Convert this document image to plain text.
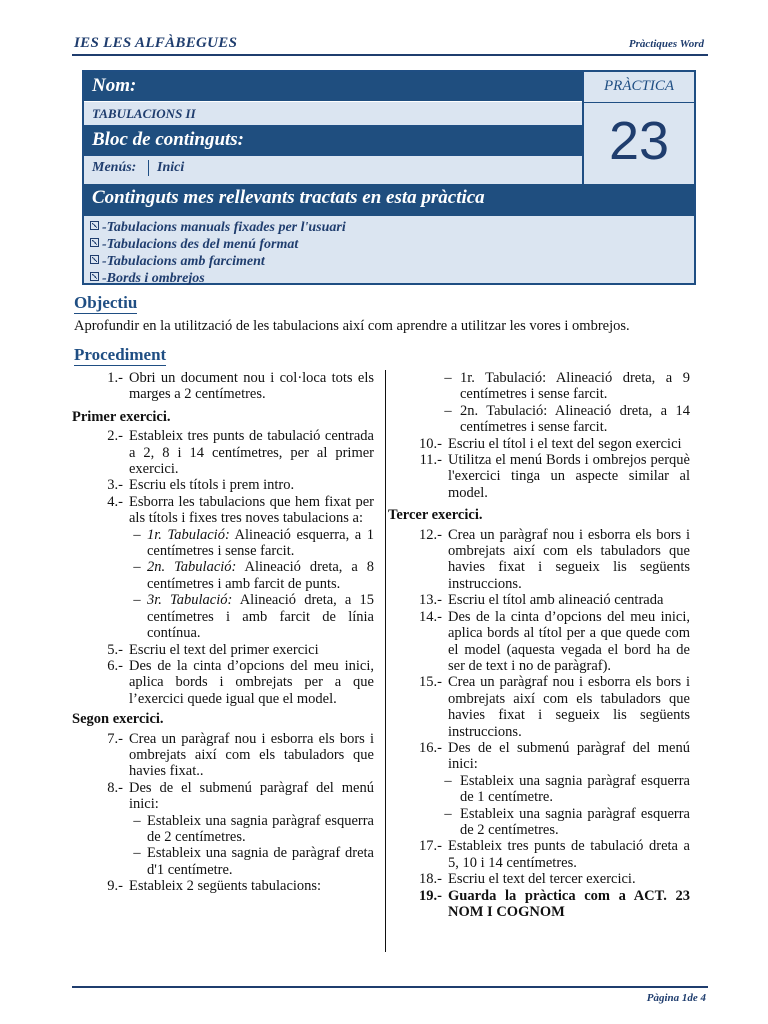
IES LES ALFÀBEGUES	Pràctiques Word
Nom:
TABULACIONS II
Bloc de continguts:
Menús: Inici
PRÀCTICA
23
Continguts mes rellevants tractats en esta pràctica
-Tabulacions manuals fixades per l'usuari
-Tabulacions des del menú format
-Tabulacions amb farciment
-Bords i ombrejos
Objectiu
Aprofundir en la utilització de les tabulacions així com aprendre a utilitzar les vores i ombrejos.
Procediment
1.- Obri un document nou i col·loca tots els marges a 2 centímetres.
Primer exercici.
2.- Estableix tres punts de tabulació centrada a 2, 8 i 14 centímetres, per al primer exercici.
3.- Escriu els títols i prem intro.
4.- Esborra les tabulacions que hem fixat per als títols i fixes tres noves tabulacions a:
– 1r. Tabulació: Alineació esquerra, a 1 centímetres i sense farcit.
– 2n. Tabulació: Alineació dreta, a 8 centímetres i amb farcit de punts.
– 3r. Tabulació: Alineació dreta, a 15 centímetres i amb farcit de línia contínua.
5.- Escriu el text del primer exercici
6.- Des de la cinta d’opcions del meu inici, aplica bords i ombrejats per a que l’exercici quede igual que el model.
Segon exercici.
7.- Crea un paràgraf nou i esborra els bors i ombrejats així com els tabuladors que havies fixat..
8.- Des de el submenú paràgraf del menú inici:
– Estableix una sagnia paràgraf esquerra de 2 centímetres.
– Estableix una sagnia de paràgraf dreta d'1 centímetre.
9.- Estableix 2 següents tabulacions:
– 1r. Tabulació: Alineació dreta, a 9 centímetres i sense farcit.
– 2n. Tabulació: Alineació dreta, a 14 centímetres i sense farcit.
10.- Escriu el títol i el text del segon exercici
11.- Utilitza el menú Bords i ombrejos perquè l'exercici tinga un aspecte similar al model.
Tercer exercici.
12.- Crea un paràgraf nou i esborra els bors i ombrejats així com els tabuladors que havies fixat i segueix lis següents instruccions.
13.- Escriu el títol amb alineació centrada
14.- Des de la cinta d’opcions del meu inici, aplica bords al títol per a que quede com el model (aquesta vegada el bord ha de ser de text i no de paràgraf).
15.- Crea un paràgraf nou i esborra els bors i ombrejats així com els tabuladors que havies fixat i segueix lis següents instruccions.
16.- Des de el submenú paràgraf del menú inici:
– Estableix una sagnia paràgraf esquerra de 1 centímetre.
– Estableix una sagnia paràgraf esquerra de 2 centímetres.
17.- Estableix tres punts de tabulació dreta a 5, 10 i 14 centímetres.
18.- Escriu el text del tercer exercici.
19.- Guarda la pràctica com a ACT. 23 NOM I COGNOM
Pàgina 1de 4
